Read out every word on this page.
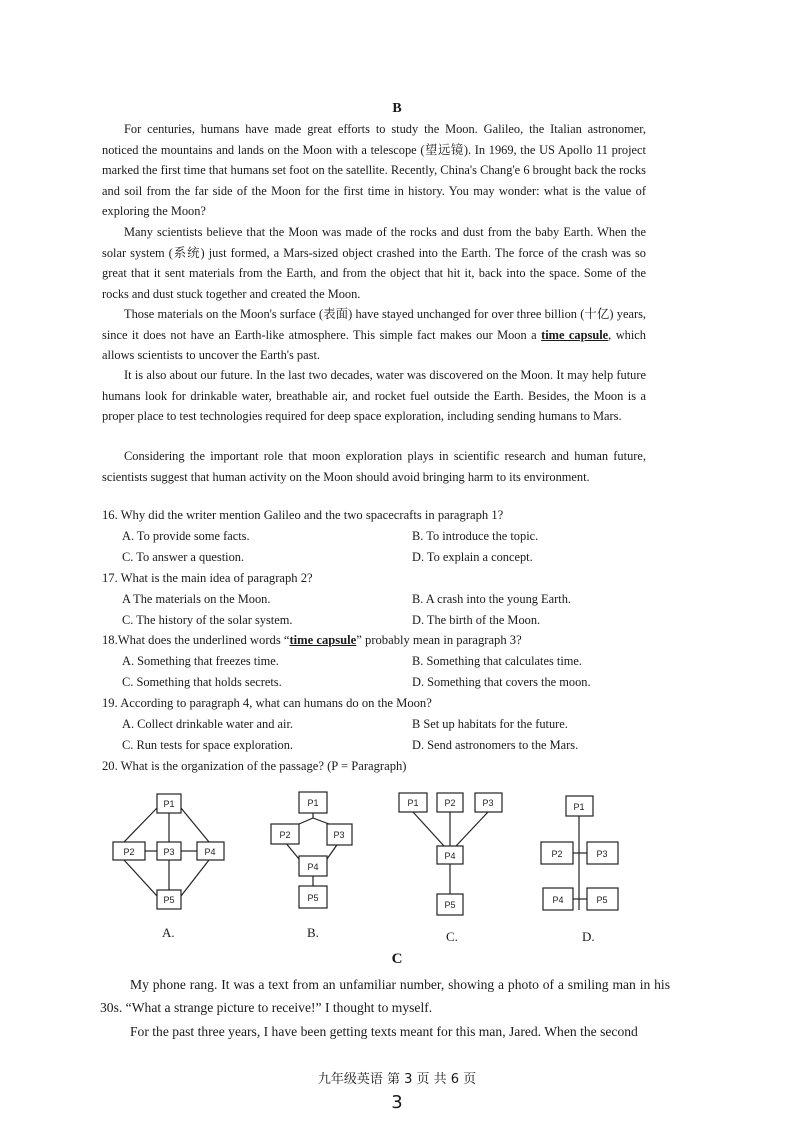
B

For centuries, humans have made great efforts to study the Moon. Galileo, the Italian astronomer, noticed the mountains and lands on the Moon with a telescope (望远镜). In 1969, the US Apollo 11 project marked the first time that humans set foot on the satellite. Recently, China's Chang'e 6 brought back the rocks and soil from the far side of the Moon for the first time in history. You may wonder: what is the value of exploring the Moon?

Many scientists believe that the Moon was made of the rocks and dust from the baby Earth. When the solar system (系统) just formed, a Mars-sized object crashed into the Earth. The force of the crash was so great that it sent materials from the Earth, and from the object that hit it, back into the space. Some of the rocks and dust stuck together and created the Moon.

Those materials on the Moon's surface (表面) have stayed unchanged for over three billion (十亿) years, since it does not have an Earth-like atmosphere. This simple fact makes our Moon a time capsule, which allows scientists to uncover the Earth's past.

It is also about our future. In the last two decades, water was discovered on the Moon. It may help future humans look for drinkable water, breathable air, and rocket fuel outside the Earth. Besides, the Moon is a proper place to test technologies required for deep space exploration, including sending humans to Mars.

Considering the important role that moon exploration plays in scientific research and human future, scientists suggest that human activity on the Moon should avoid bringing harm to its environment.

16. Why did the writer mention Galileo and the two spacecrafts in paragraph 1?
A. To provide some facts.	B. To introduce the topic.
C. To answer a question.	D. To explain a concept.
17. What is the main idea of paragraph 2?
A The materials on the Moon.	B. A crash into the young Earth.
C. The history of the solar system.	D. The birth of the Moon.
18.What does the underlined words “time capsule” probably mean in paragraph 3?
A. Something that freezes time.	B. Something that calculates time.
C. Something that holds secrets.	D. Something that covers the moon.
19. According to paragraph 4, what can humans do on the Moon?
A. Collect drinkable water and air.	B Set up habitats for the future.
C. Run tests for space exploration.	D. Send astronomers to the Mars.
20. What is the organization of the passage? (P = Paragraph)
P1
P2	P3	P4
P5
P1
P2	P3
P4
P5
P1	P2	P3
P4
P5
P1
P2	P3
P4	P5
A.	B.	C.	D.
C

My phone rang. It was a text from an unfamiliar number, showing a photo of a smiling man in his 30s. “What a strange picture to receive!” I thought to myself.

For the past three years, I have been getting texts meant for this man, Jared. When the second

九年级英语 第 3 页 共 6 页
3
